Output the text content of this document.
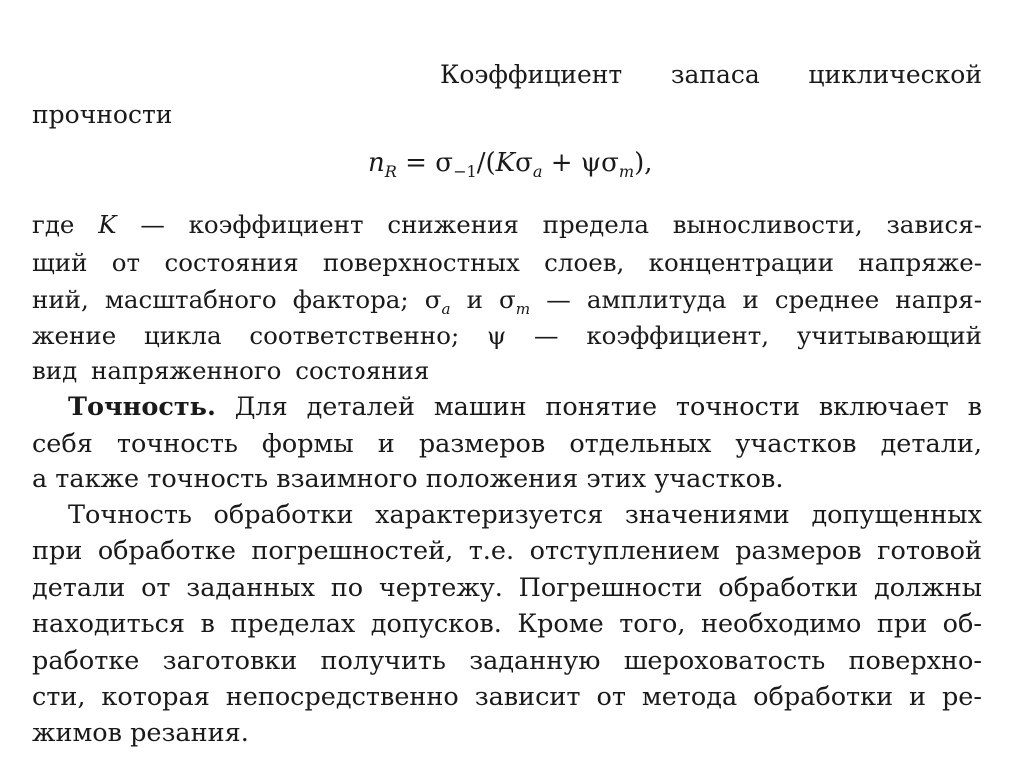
Коэффициент запаса циклической
прочности
$n_R = \sigma_{-1}/(K\sigma_a + \psi\sigma_m)$,
где K — коэффициент снижения предела выносливости, завися-
щий от состояния поверхностных слоев, концентрации напряже-
ний, масштабного фактора; $\sigma_a$ и $\sigma_m$ — амплитуда и среднее напря-
жение цикла соответственно; ψ — коэффициент, учитывающий
вид напряженного состояния
Точность. Для деталей машин понятие точности включает в
себя точность формы и размеров отдельных участков детали,
а также точность взаимного положения этих участков.
Точность обработки характеризуется значениями допущенных
при обработке погрешностей, т.е. отступлением размеров готовой
детали от заданных по чертежу. Погрешности обработки должны
находиться в пределах допусков. Кроме того, необходимо при об-
работке заготовки получить заданную шероховатость поверхно-
сти, которая непосредственно зависит от метода обработки и ре-
жимов резания.
